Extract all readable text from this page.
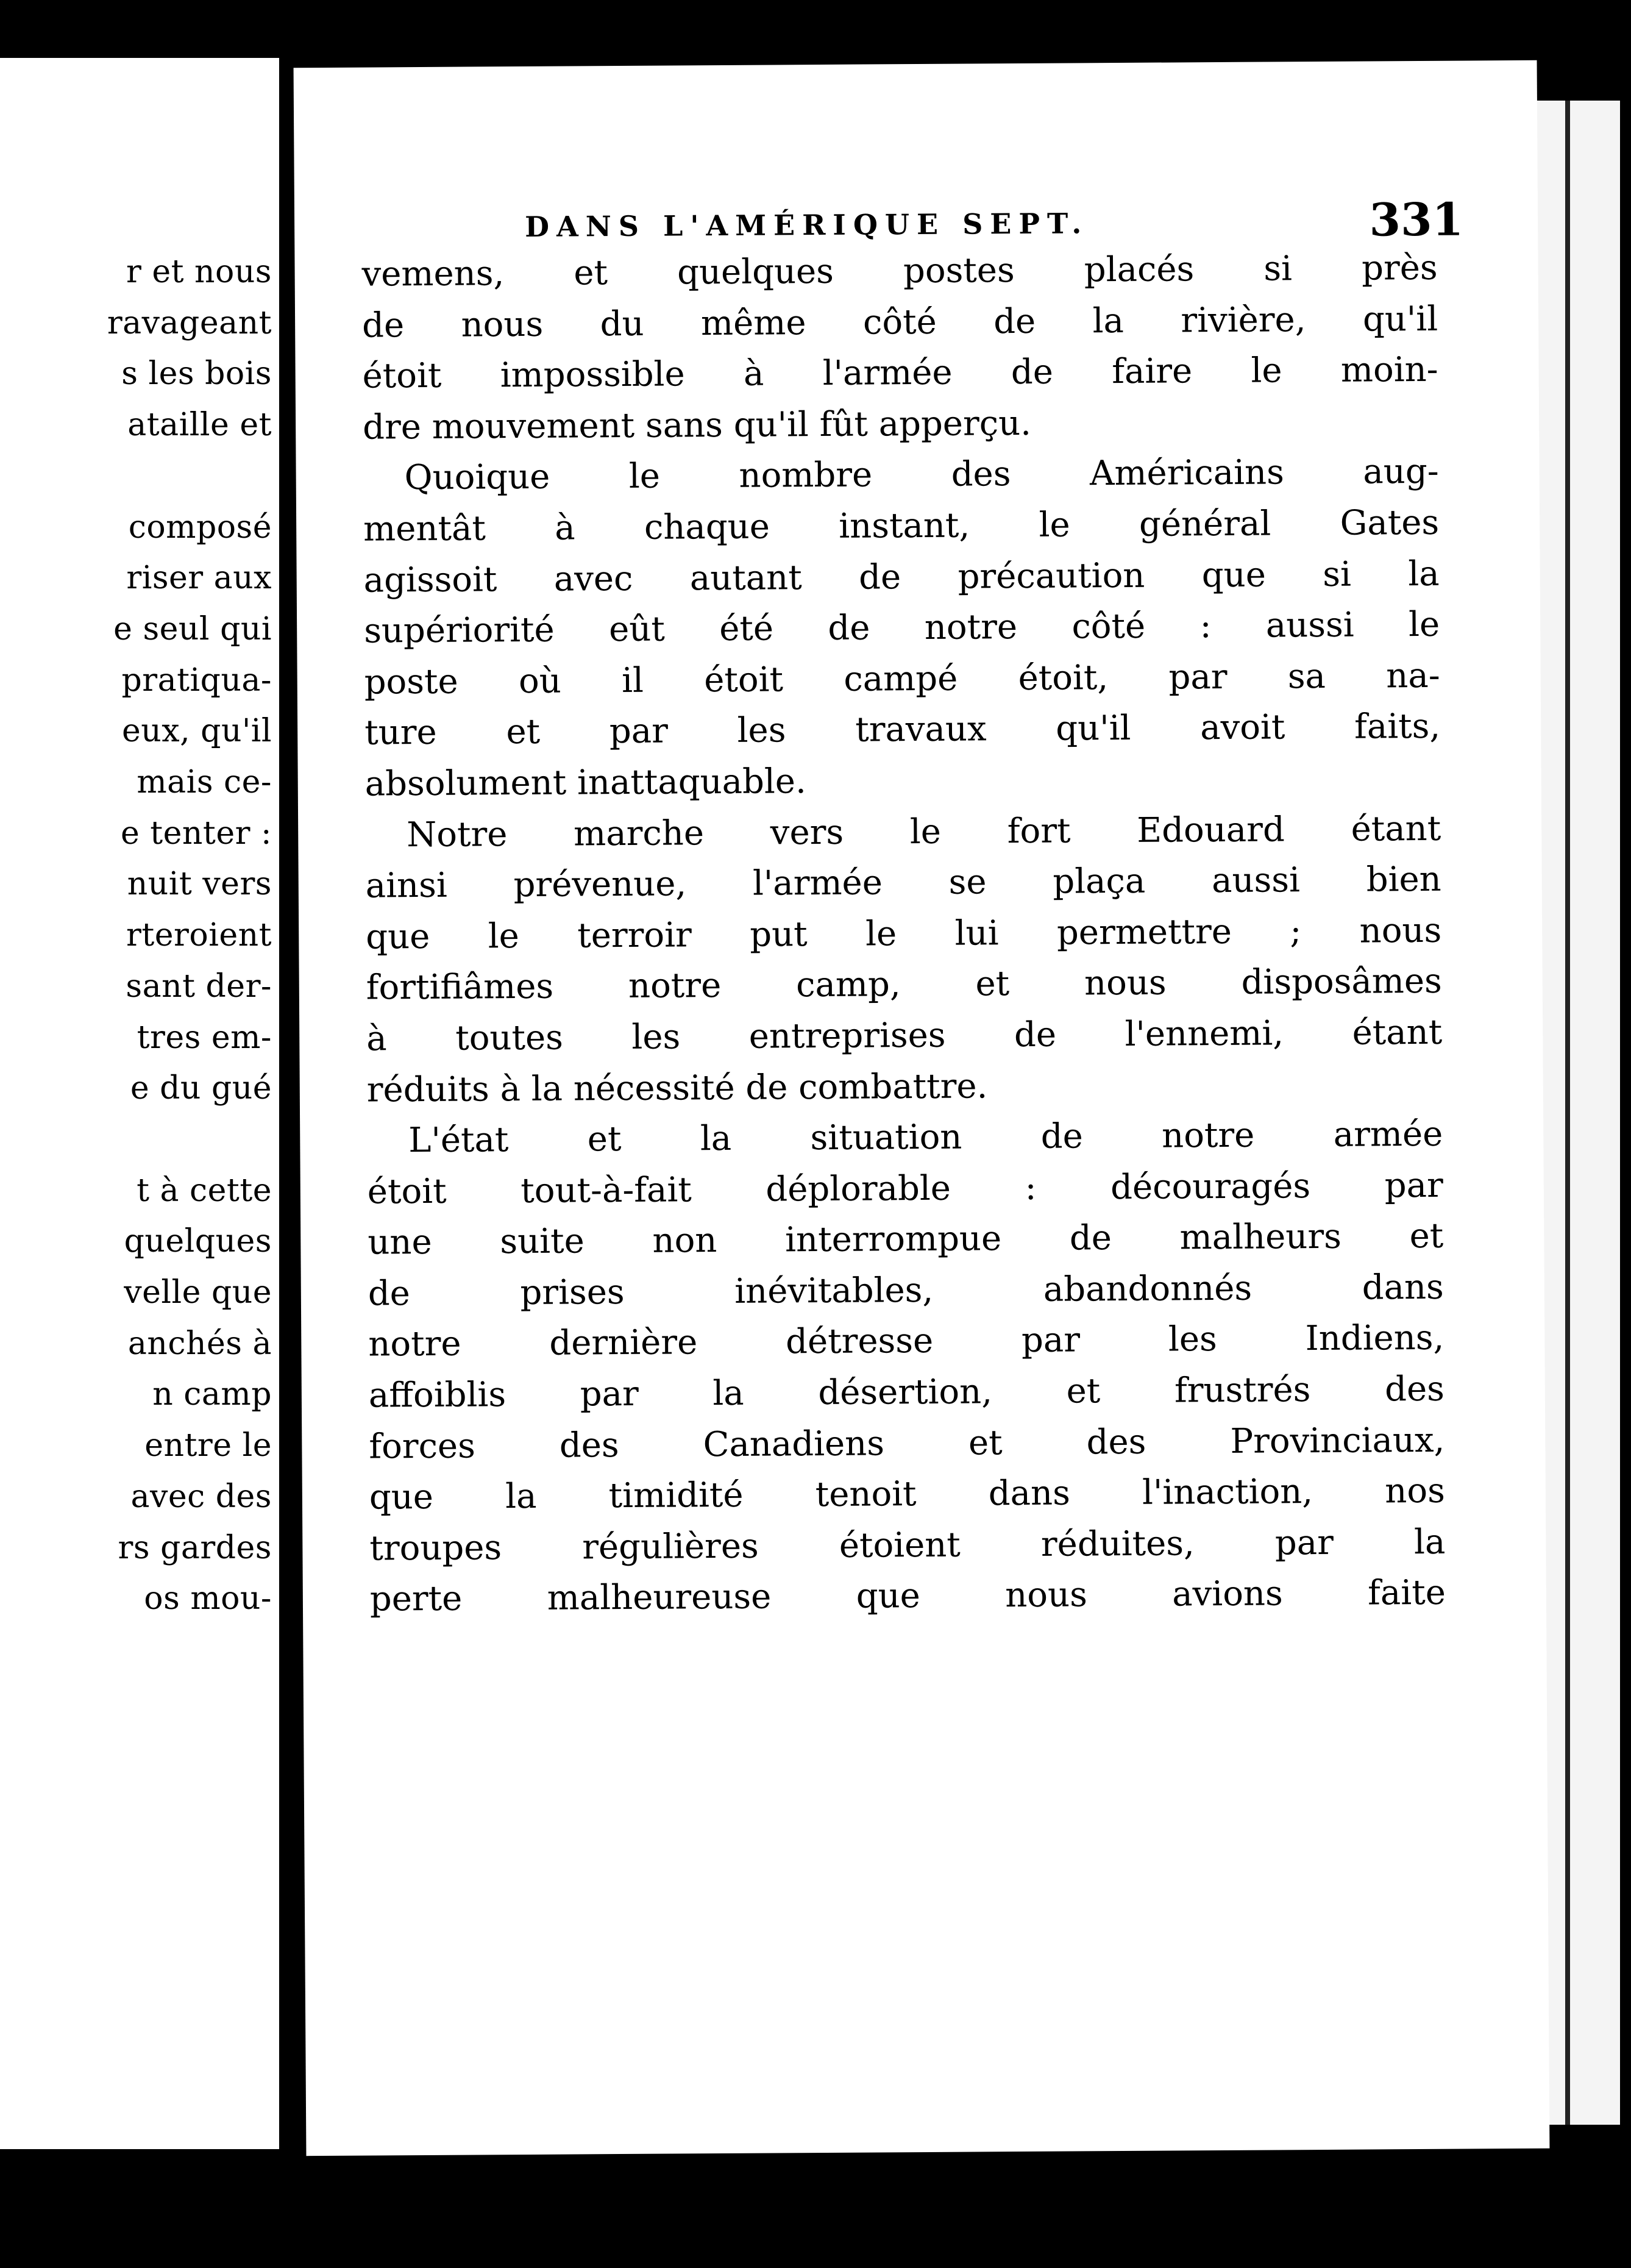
r et nous
ravageant
s les bois
ataille et

composé
riser aux
e seul qui
pratiqua-
eux, qu'il
mais ce-
e tenter :
nuit vers
rteroient
sant der-
tres em-
e du gué

t à cette
quelques
velle que
anchés à
n camp
entre le
avec des
rs gardes
os mou-
DANS L'AMÉRIQUE SEPT.	331
vemens, et quelques postes placés si près
de nous du même côté de la rivière, qu'il
étoit impossible à l'armée de faire le moin-
dre mouvement sans qu'il fût apperçu.
Quoique le nombre des Américains aug-
mentât à chaque instant, le général Gates
agissoit avec autant de précaution que si la
supériorité eût été de notre côté : aussi le
poste où il étoit campé étoit, par sa na-
ture et par les travaux qu'il avoit faits,
absolument inattaquable.
Notre marche vers le fort Edouard étant
ainsi prévenue, l'armée se plaça aussi bien
que le terroir put le lui permettre ; nous
fortifiâmes notre camp, et nous disposâmes
à toutes les entreprises de l'ennemi, étant
réduits à la nécessité de combattre.
L'état et la situation de notre armée
étoit tout-à-fait déplorable : découragés par
une suite non interrompue de malheurs et
de prises inévitables, abandonnés dans
notre dernière détresse par les Indiens,
affoiblis par la désertion, et frustrés des
forces des Canadiens et des Provinciaux,
que la timidité tenoit dans l'inaction, nos
troupes régulières étoient réduites, par la
perte malheureuse que nous avions faite
